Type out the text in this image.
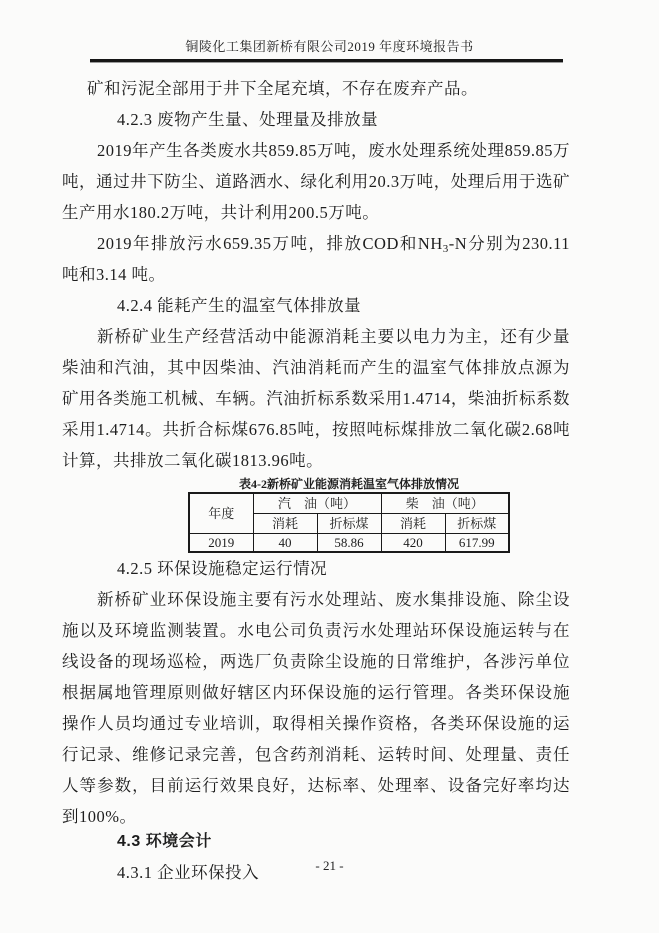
铜陵化工集团新桥有限公司2019 年度环境报告书

矿和污泥全部用于井下全尾充填，不存在废弃产品。

4.2.3 废物产生量、处理量及排放量

2019年产生各类废水共859.85万吨，废水处理系统处理859.85万吨，通过井下防尘、道路洒水、绿化利用20.3万吨，处理后用于选矿生产用水180.2万吨，共计利用200.5万吨。

2019年排放污水659.35万吨，排放COD和$NH_3-N$分别为230.11 吨和3.14 吨。

4.2.4 能耗产生的温室气体排放量

新桥矿业生产经营活动中能源消耗主要以电力为主，还有少量柴油和汽油，其中因柴油、汽油消耗而产生的温室气体排放点源为矿用各类施工机械、车辆。汽油折标系数采用1.4714，柴油折标系数采用1.4714。共折合标煤676.85吨，按照吨标煤排放二氧化碳2.68吨计算，共排放二氧化碳1813.96吨。

表4-2新桥矿业能源消耗温室气体排放情况
年度	汽　油（吨）		柴　油（吨）	
	消耗	折标煤	消耗	折标煤
2019	40	58.86	420	617.99

4.2.5 环保设施稳定运行情况

新桥矿业环保设施主要有污水处理站、废水集排设施、除尘设施以及环境监测装置。水电公司负责污水处理站环保设施运转与在线设备的现场巡检，两选厂负责除尘设施的日常维护，各涉污单位根据属地管理原则做好辖区内环保设施的运行管理。各类环保设施操作人员均通过专业培训，取得相关操作资格，各类环保设施的运行记录、维修记录完善，包含药剂消耗、运转时间、处理量、责任人等参数，目前运行效果良好，达标率、处理率、设备完好率均达到100%。

4.3 环境会计

4.3.1 企业环保投入	- 21 -
